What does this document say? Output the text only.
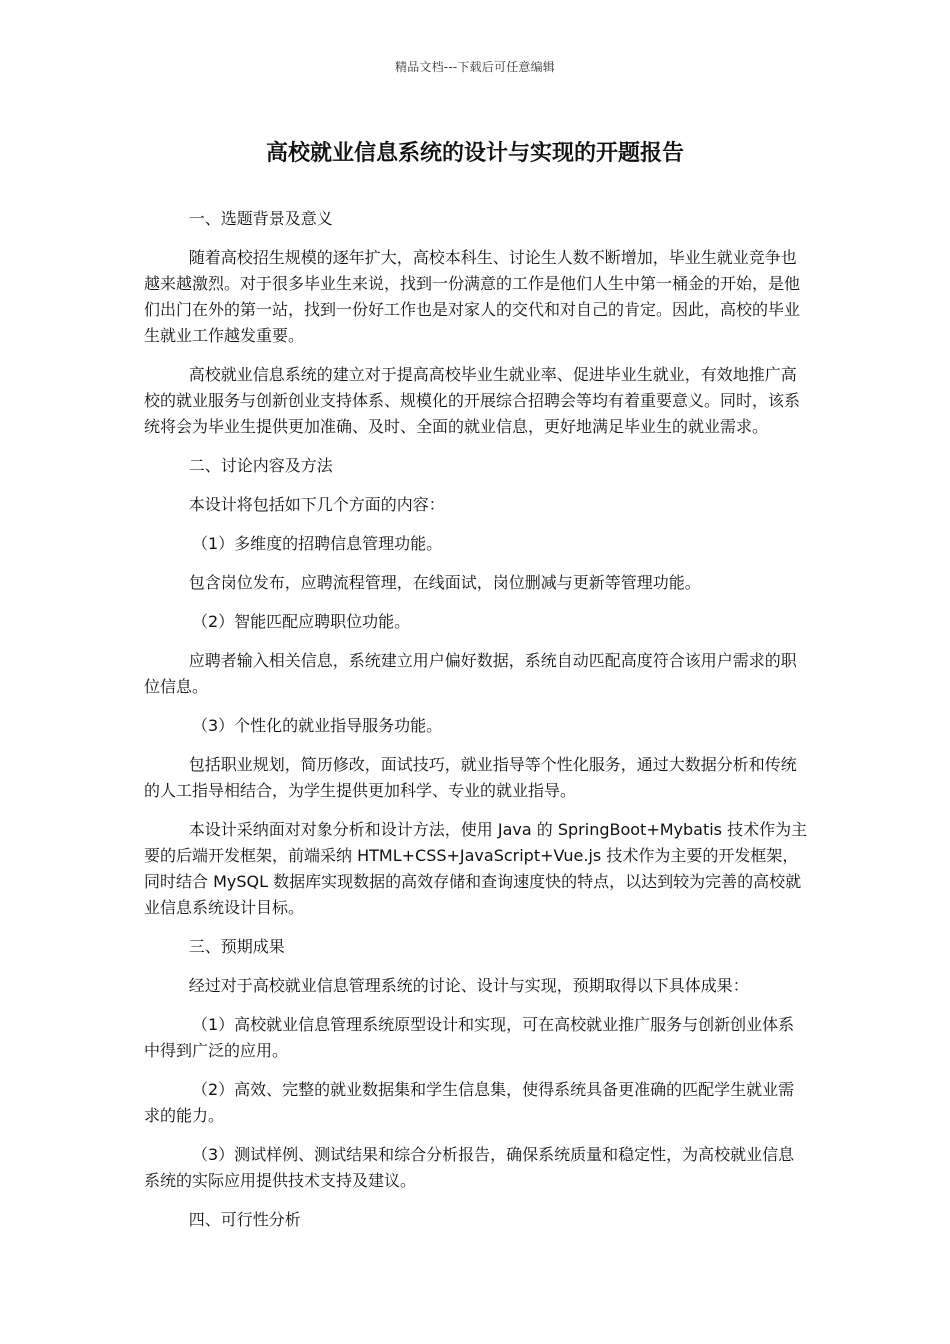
精品文档---下载后可任意编辑
高校就业信息系统的设计与实现的开题报告

一、选题背景及意义

随着高校招生规模的逐年扩大，高校本科生、讨论生人数不断增加，毕业生就业竞争也越来越激烈。对于很多毕业生来说，找到一份满意的工作是他们人生中第一桶金的开始，是他们出门在外的第一站，找到一份好工作也是对家人的交代和对自己的肯定。因此，高校的毕业生就业工作越发重要。

高校就业信息系统的建立对于提高高校毕业生就业率、促进毕业生就业，有效地推广高校的就业服务与创新创业支持体系、规模化的开展综合招聘会等均有着重要意义。同时，该系统将会为毕业生提供更加准确、及时、全面的就业信息，更好地满足毕业生的就业需求。

二、讨论内容及方法

本设计将包括如下几个方面的内容：

（1）多维度的招聘信息管理功能。

包含岗位发布，应聘流程管理，在线面试，岗位删减与更新等管理功能。

（2）智能匹配应聘职位功能。

应聘者输入相关信息，系统建立用户偏好数据，系统自动匹配高度符合该用户需求的职位信息。

（3）个性化的就业指导服务功能。

包括职业规划，简历修改，面试技巧，就业指导等个性化服务，通过大数据分析和传统的人工指导相结合，为学生提供更加科学、专业的就业指导。

本设计采纳面对对象分析和设计方法，使用 Java 的 SpringBoot+Mybatis 技术作为主要的后端开发框架，前端采纳 HTML+CSS+JavaScript+Vue.js 技术作为主要的开发框架，同时结合 MySQL 数据库实现数据的高效存储和查询速度快的特点，以达到较为完善的高校就业信息系统设计目标。

三、预期成果

经过对于高校就业信息管理系统的讨论、设计与实现，预期取得以下具体成果：

（1）高校就业信息管理系统原型设计和实现，可在高校就业推广服务与创新创业体系中得到广泛的应用。

（2）高效、完整的就业数据集和学生信息集，使得系统具备更准确的匹配学生就业需求的能力。

（3）测试样例、测试结果和综合分析报告，确保系统质量和稳定性，为高校就业信息系统的实际应用提供技术支持及建议。

四、可行性分析
